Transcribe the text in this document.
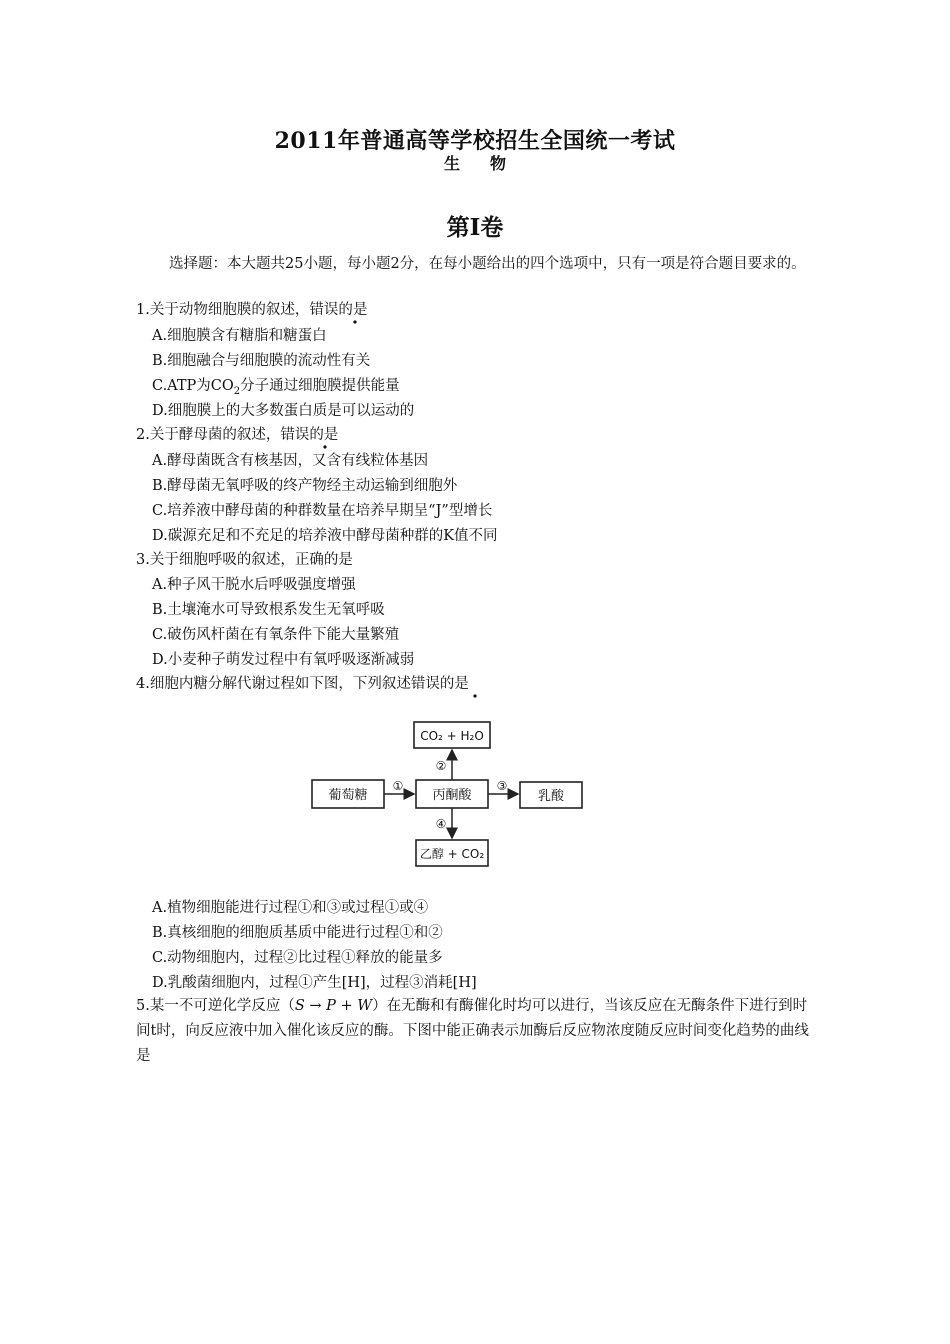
2011年普通高等学校招生全国统一考试
生物
第I卷
选择题：本大题共25小题，每小题2分，在每小题给出的四个选项中，只有一项是符合题目要求的。
1.关于动物细胞膜的叙述，错误的是
A.细胞膜含有糖脂和糖蛋白
B.细胞融合与细胞膜的流动性有关
C.ATP为$CO_2$分子通过细胞膜提供能量
D.细胞膜上的大多数蛋白质是可以运动的
2.关于酵母菌的叙述，错误的是
A.酵母菌既含有核基因，又含有线粒体基因
B.酵母菌无氧呼吸的终产物经主动运输到细胞外
C.培养液中酵母菌的种群数量在培养早期呈“J”型增长
D.碳源充足和不充足的培养液中酵母菌种群的K值不同
3.关于细胞呼吸的叙述，正确的是
A.种子风干脱水后呼吸强度增强
B.土壤淹水可导致根系发生无氧呼吸
C.破伤风杆菌在有氧条件下能大量繁殖
D.小麦种子萌发过程中有氧呼吸逐渐减弱
4.细胞内糖分解代谢过程如下图，下列叙述错误的是
CO₂ + H₂O
葡萄糖	丙酮酸	乳酸
乙醇 + CO₂
①
②
③
④
A.植物细胞能进行过程①和③或过程①或④
B.真核细胞的细胞质基质中能进行过程①和②
C.动物细胞内，过程②比过程①释放的能量多
D.乳酸菌细胞内，过程①产生[H]，过程③消耗[H]
5.某一不可逆化学反应（S → P + W）在无酶和有酶催化时均可以进行，当该反应在无酶条件下进行到时间t时，向反应液中加入催化该反应的酶。下图中能正确表示加酶后反应物浓度随反应时间变化趋势的曲线是
